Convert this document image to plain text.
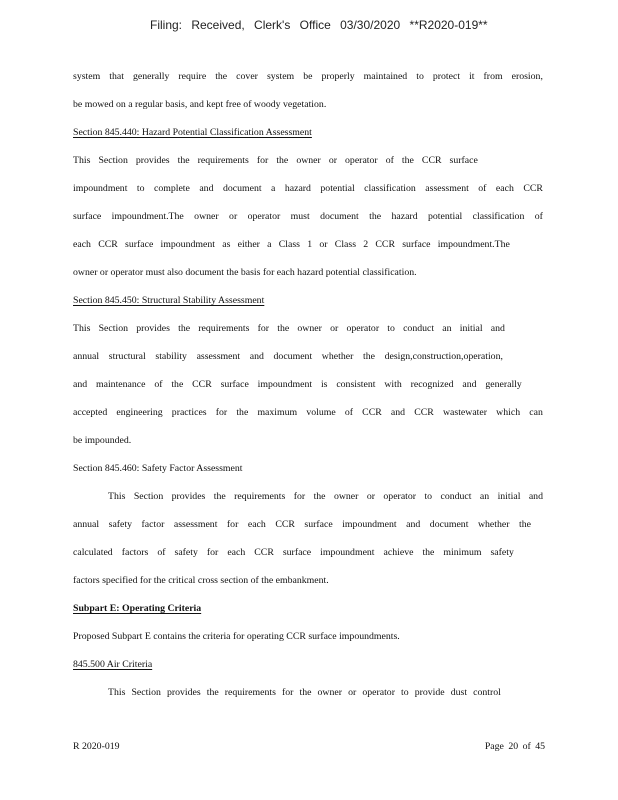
Filing: Received, Clerk's Office 03/30/2020 **R2020-019**
system that generally require the cover system be properly maintained to protect it from erosion,
be mowed on a regular basis, and kept free of woody vegetation.
Section 845.440: Hazard Potential Classification Assessment
This Section provides the requirements for the owner or operator of the CCR surface
impoundment to complete and document a hazard potential classification assessment of each CCR
surface impoundment.The owner or operator must document the hazard potential classification of
each CCR surface impoundment as either a Class 1 or Class 2 CCR surface impoundment.The
owner or operator must also document the basis for each hazard potential classification.
Section 845.450: Structural Stability Assessment
This Section provides the requirements for the owner or operator to conduct an initial and
annual structural stability assessment and document whether the design,construction,operation,
and maintenance of the CCR surface impoundment is consistent with recognized and generally
accepted engineering practices for the maximum volume of CCR and CCR wastewater which can
be impounded.
Section 845.460: Safety Factor Assessment
This Section provides the requirements for the owner or operator to conduct an initial and
annual safety factor assessment for each CCR surface impoundment and document whether the
calculated factors of safety for each CCR surface impoundment achieve the minimum safety
factors specified for the critical cross section of the embankment.
Subpart E: Operating Criteria
Proposed Subpart E contains the criteria for operating CCR surface impoundments.
845.500 Air Criteria
This Section provides the requirements for the owner or operator to provide dust control
R 2020-019	Page 20 of 45
